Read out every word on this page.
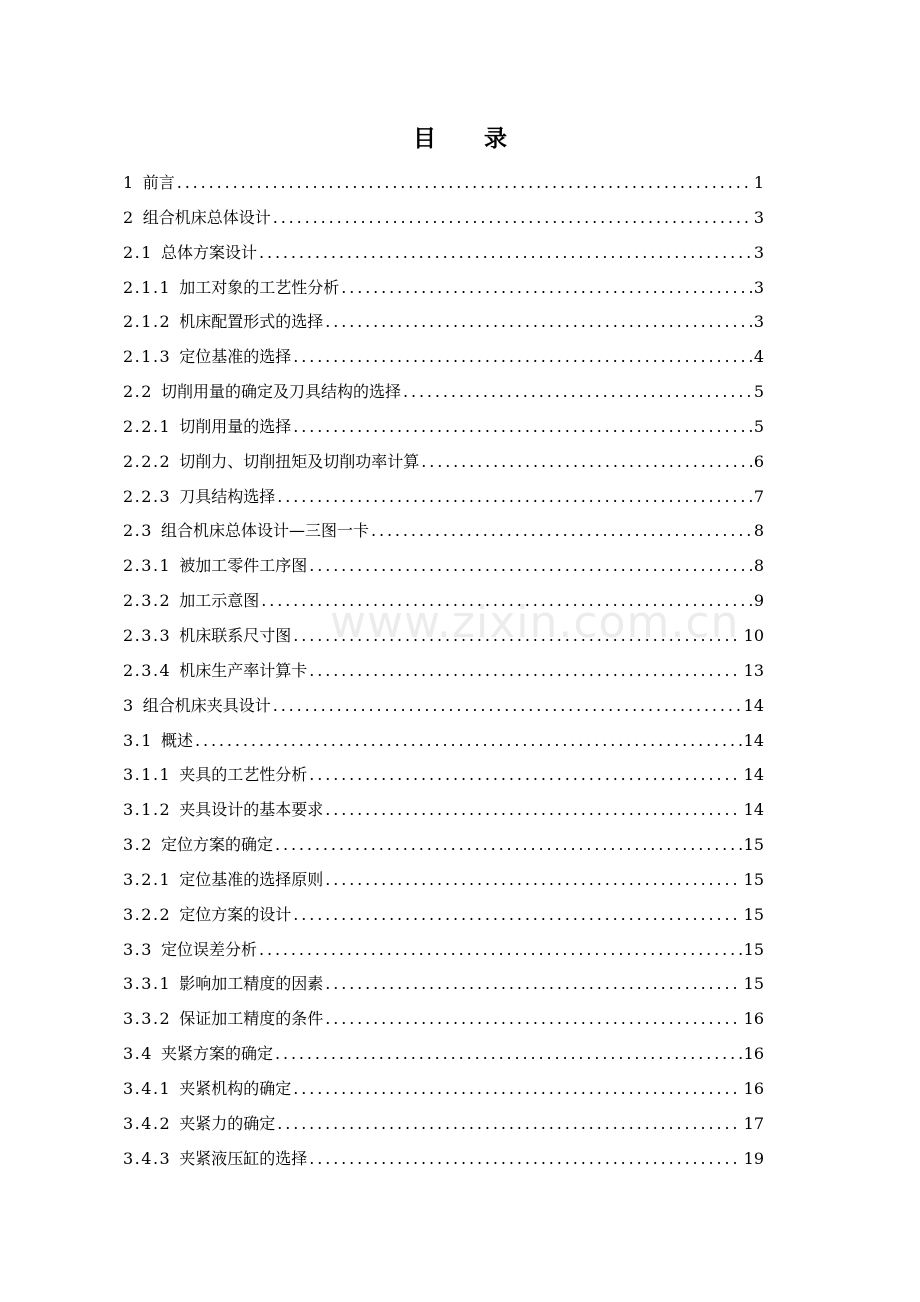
目 录
1 前言 .....	1
2 组合机床总体设计 .....	3
2.1 总体方案设计 .....	3
2.1.1 加工对象的工艺性分析 .....	3
2.1.2 机床配置形式的选择 .....	3
2.1.3 定位基准的选择 .....	4
2.2 切削用量的确定及刀具结构的选择 .....	5
2.2.1 切削用量的选择 .....	5
2.2.2 切削力、切削扭矩及切削功率计算 .....	6
2.2.3 刀具结构选择 .....	7
2.3 组合机床总体设计—三图一卡 .....	8
2.3.1 被加工零件工序图 .....	8
2.3.2 加工示意图 .....	9
2.3.3 机床联系尺寸图 .....	10
2.3.4 机床生产率计算卡 .....	13
3 组合机床夹具设计 .....	14
3.1 概述 .....	14
3.1.1 夹具的工艺性分析 .....	14
3.1.2 夹具设计的基本要求 .....	14
3.2 定位方案的确定 .....	15
3.2.1 定位基准的选择原则 .....	15
3.2.2 定位方案的设计 .....	15
3.3 定位误差分析 .....	15
3.3.1 影响加工精度的因素 .....	15
3.3.2 保证加工精度的条件 .....	16
3.4 夹紧方案的确定 .....	16
3.4.1 夹紧机构的确定 .....	16
3.4.2 夹紧力的确定 .....	17
3.4.3 夹紧液压缸的选择 .....	19
www.zixin.com.cn
